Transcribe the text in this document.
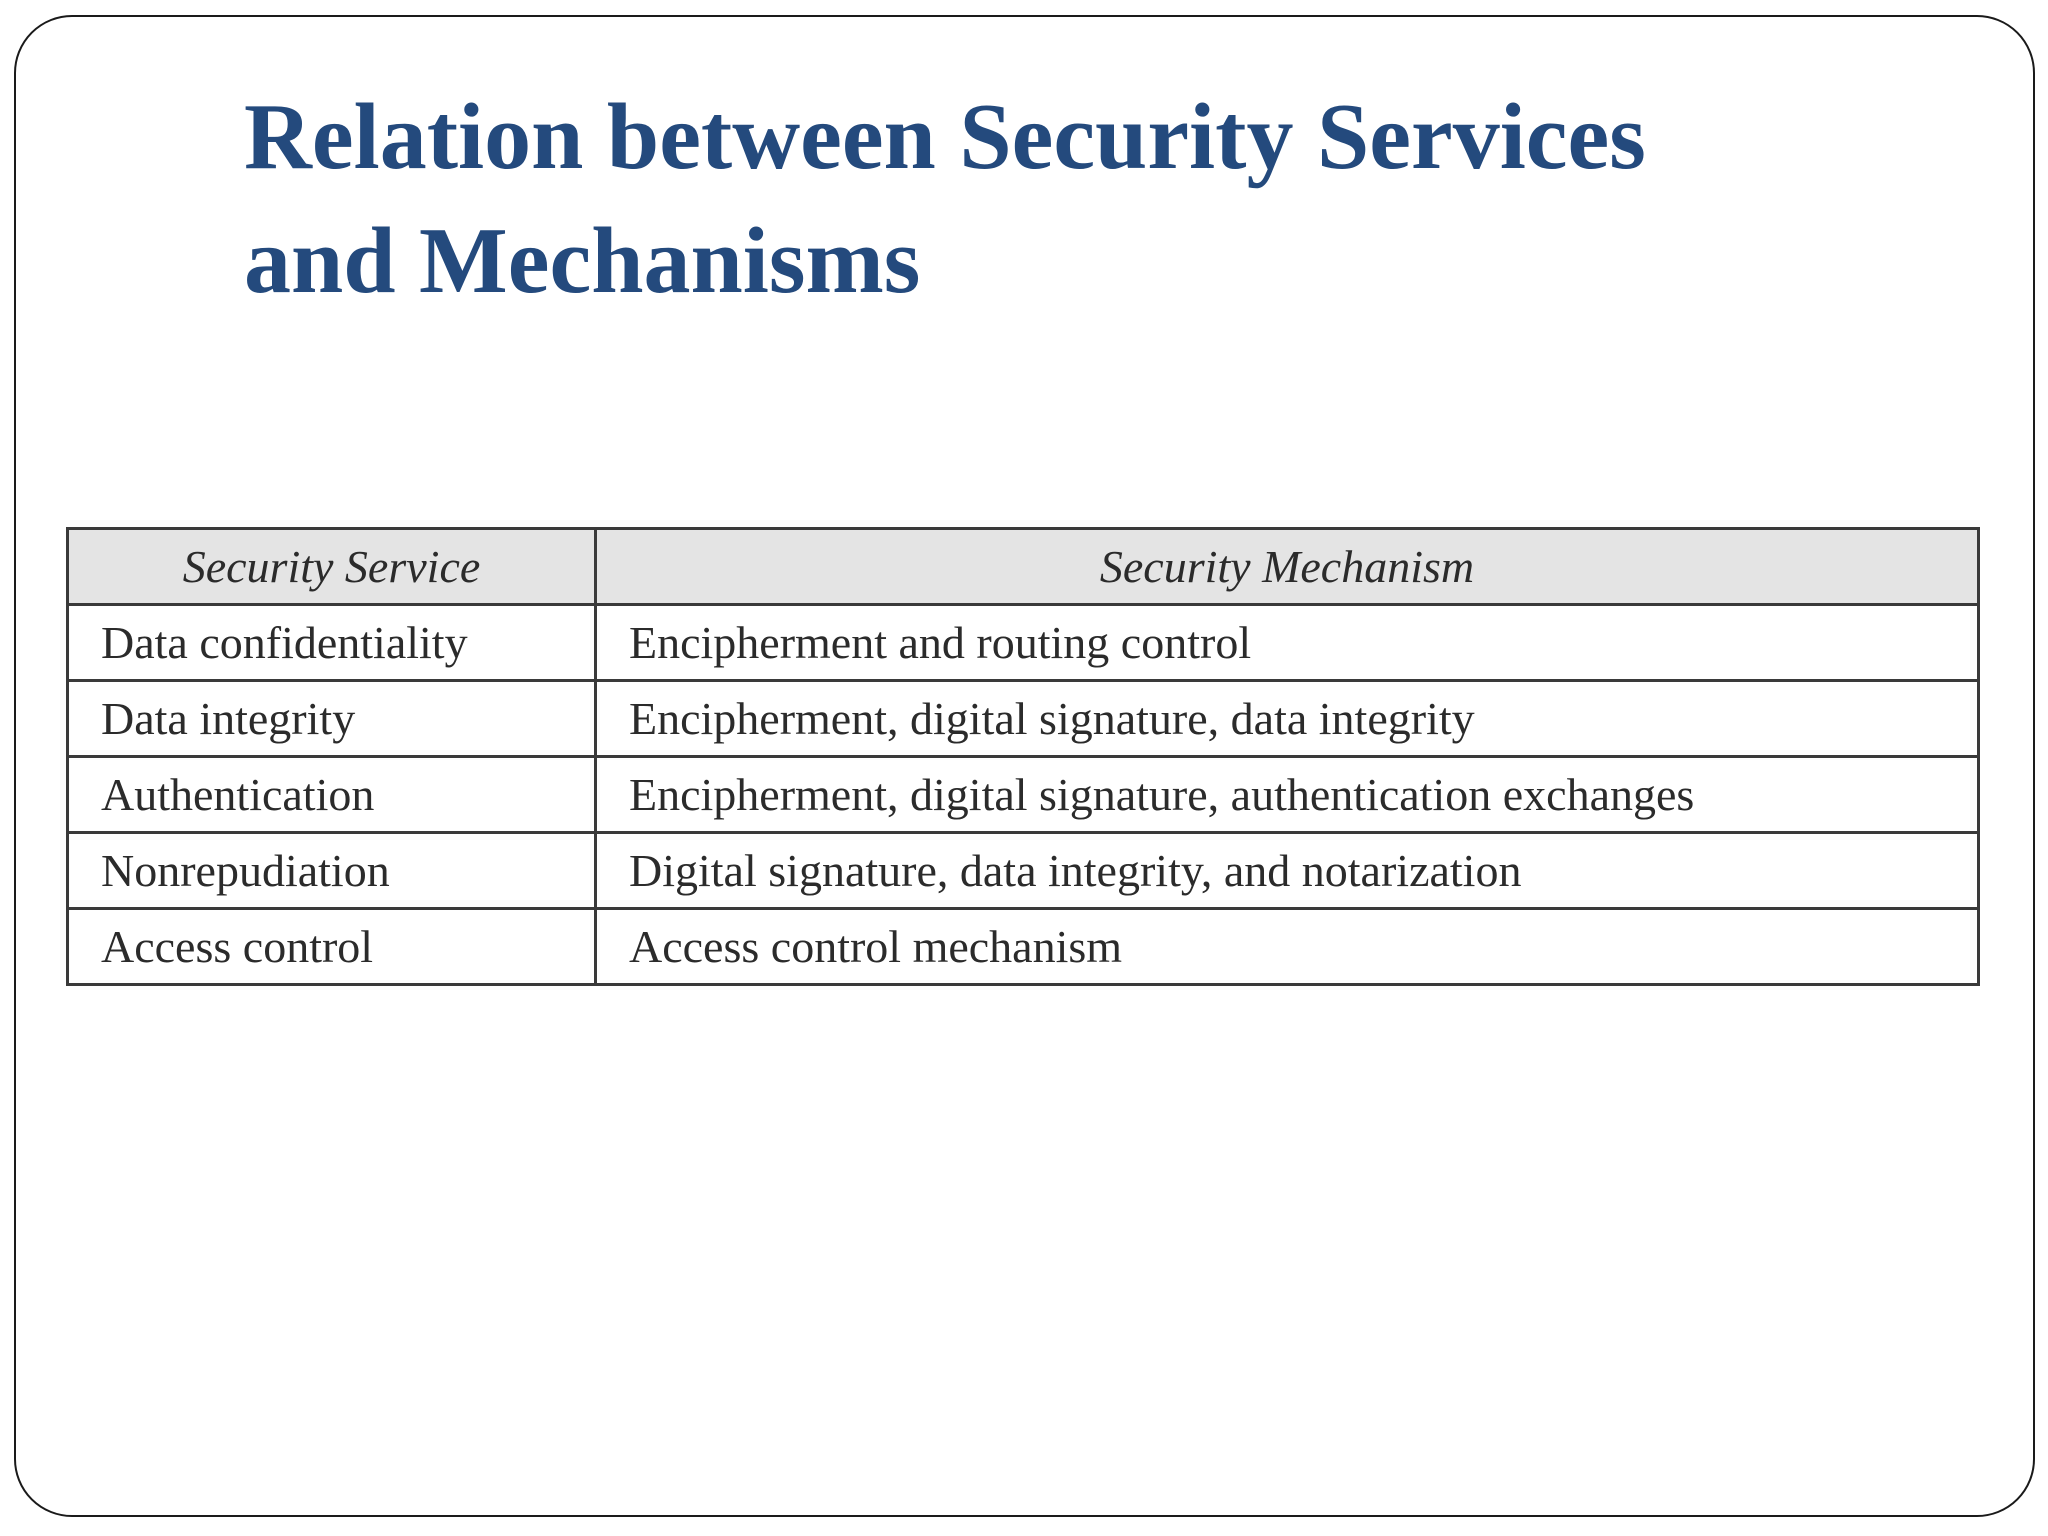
Relation between Security Services
and Mechanisms
Security Service	Security Mechanism
Data confidentiality	Encipherment and routing control
Data integrity	Encipherment, digital signature, data integrity
Authentication	Encipherment, digital signature, authentication exchanges
Nonrepudiation	Digital signature, data integrity, and notarization
Access control	Access control mechanism
